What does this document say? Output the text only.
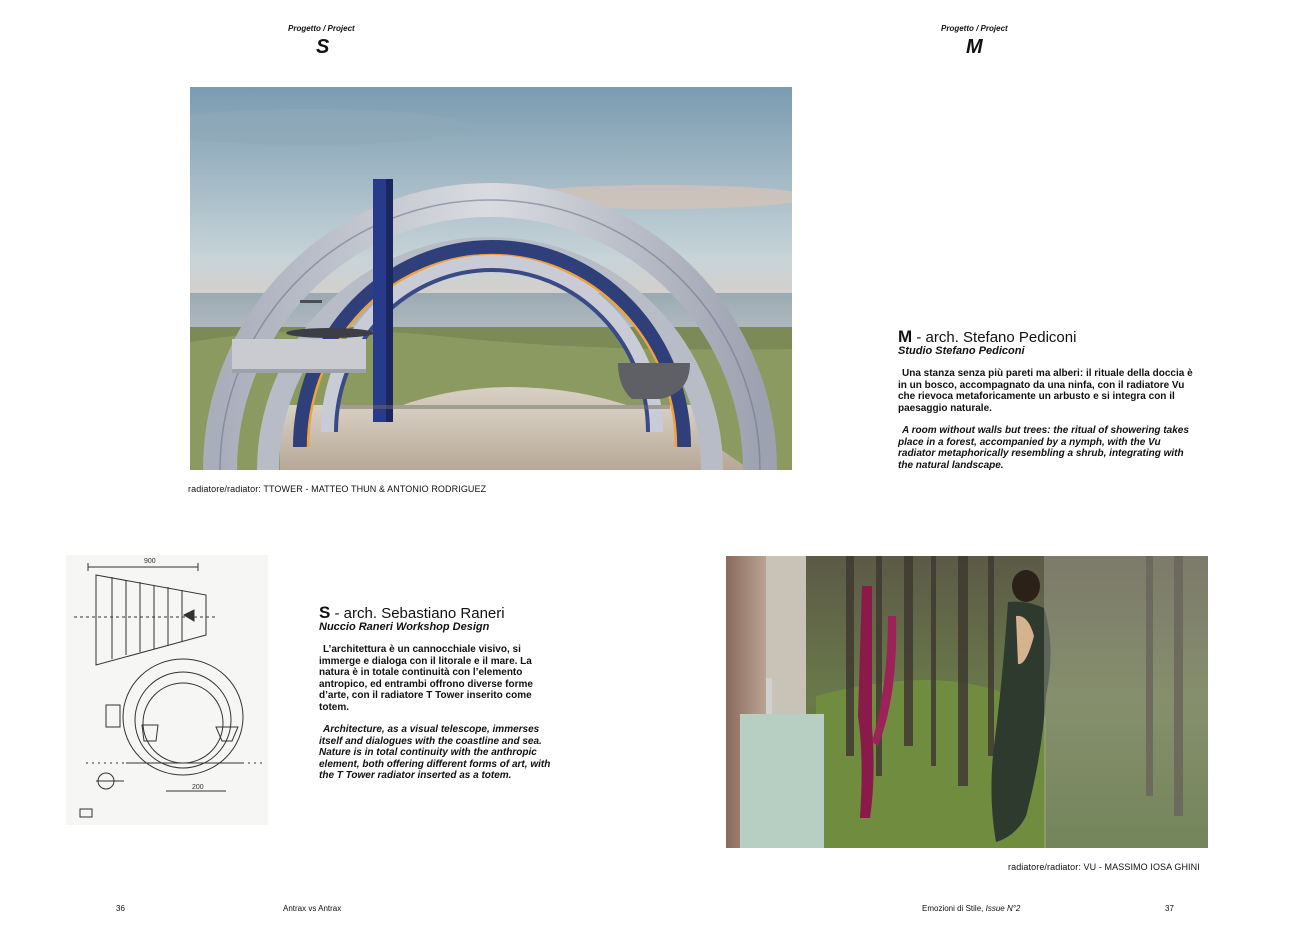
Progetto / Project
S
Progetto / Project
M
radiatore/radiator: TTOWER - MATTEO THUN & ANTONIO RODRIGUEZ
M - arch. Stefano Pediconi
Studio Stefano Pediconi
Una stanza senza più pareti ma alberi: il rituale della doccia è in un bosco, accompagnato da una ninfa, con il radiatore Vu che rievoca metaforicamente un arbusto e si integra con il paesaggio naturale.
A room without walls but trees: the ritual of showering takes place in a forest, accompanied by a nymph, with the Vu radiator metaphorically resembling a shrub, integrating with the natural landscape.
900
200
S - arch. Sebastiano Raneri
Nuccio Raneri Workshop Design
L’architettura è un cannocchiale visivo, si immerge e dialoga con il litorale e il mare. La natura è in totale continuità con l’elemento antropico, ed entrambi offrono diverse forme d’arte, con il radiatore T Tower inserito come totem.
Architecture, as a visual telescope, immerses itself and dialogues with the coastline and sea. Nature is in total continuity with the anthropic element, both offering different forms of art, with the T Tower radiator inserted as a totem.
radiatore/radiator: VU - MASSIMO IOSA GHINI
36	Antrax vs Antrax	Emozioni di Stile, Issue N°2	37
